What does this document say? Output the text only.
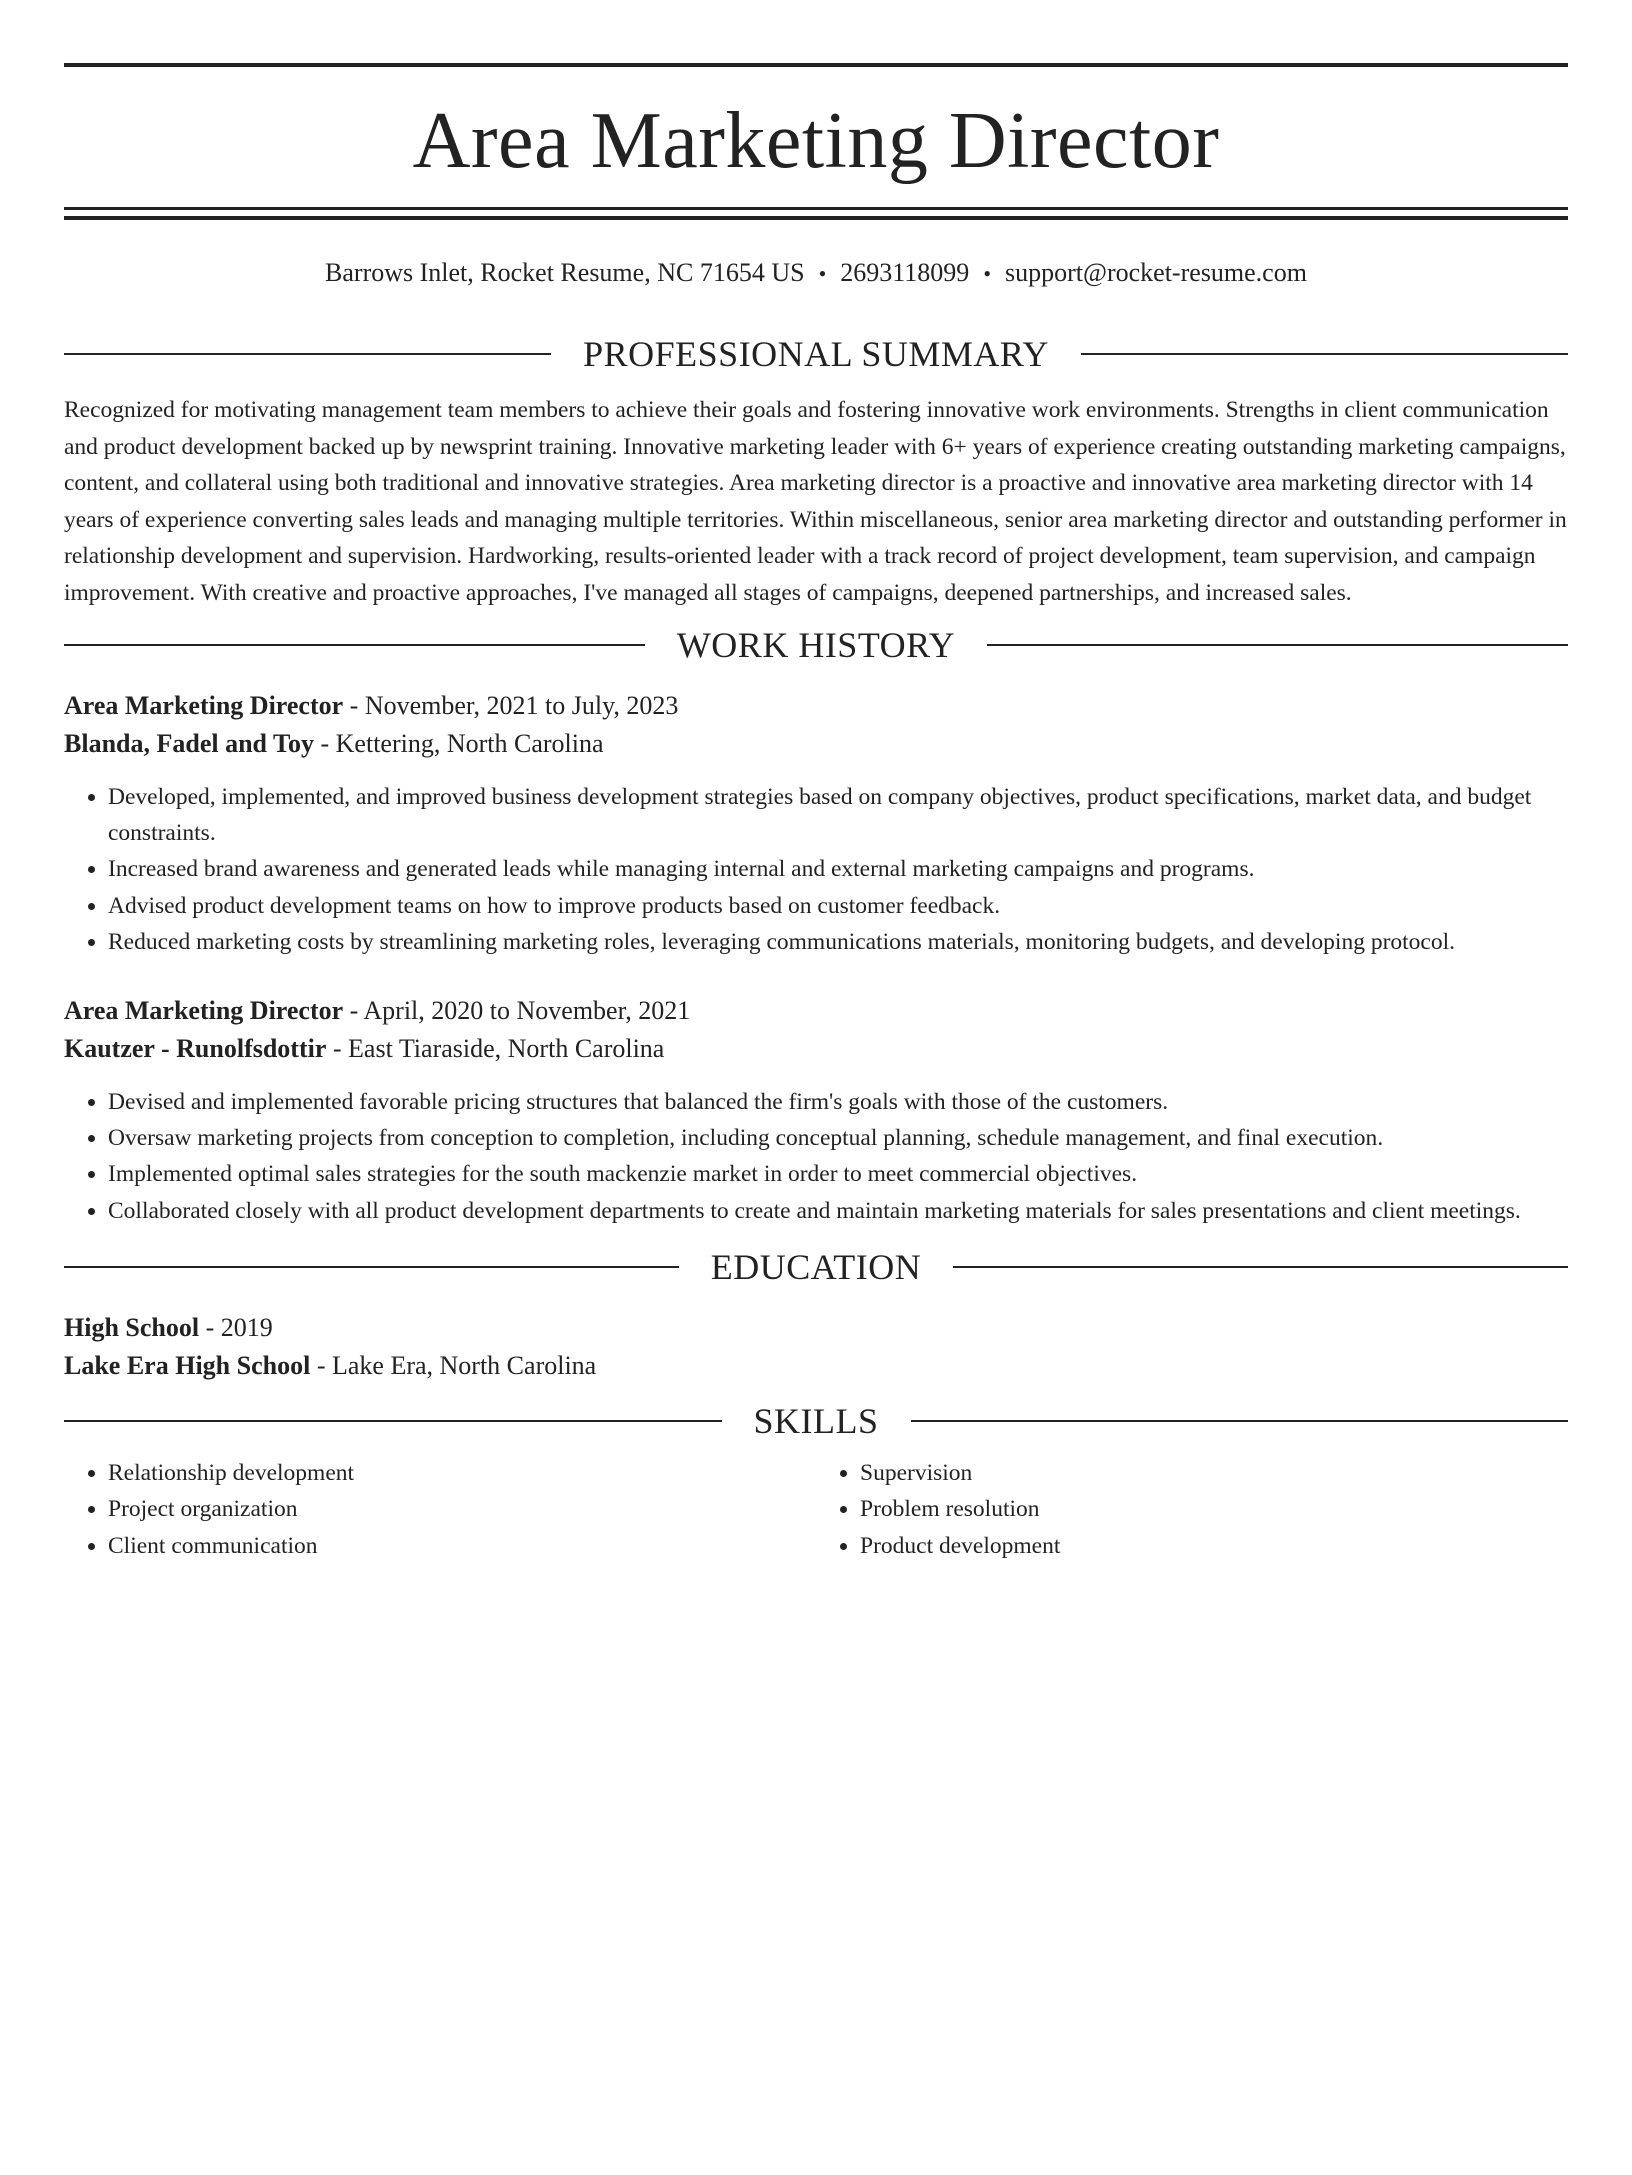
Area Marketing Director
Barrows Inlet, Rocket Resume, NC 71654 US • 2693118099 • support@rocket-resume.com
PROFESSIONAL SUMMARY

Recognized for motivating management team members to achieve their goals and fostering innovative work environments. Strengths in client communication and product development backed up by newsprint training. Innovative marketing leader with 6+ years of experience creating outstanding marketing campaigns, content, and collateral using both traditional and innovative strategies. Area marketing director is a proactive and innovative area marketing director with 14 years of experience converting sales leads and managing multiple territories. Within miscellaneous, senior area marketing director and outstanding performer in relationship development and supervision. Hardworking, results-oriented leader with a track record of project development, team supervision, and campaign improvement. With creative and proactive approaches, I've managed all stages of campaigns, deepened partnerships, and increased sales.

WORK HISTORY

Area Marketing Director - November, 2021 to July, 2023

Blanda, Fadel and Toy - Kettering, North Carolina

• Developed, implemented, and improved business development strategies based on company objectives, product specifications, market data, and budget constraints.
• Increased brand awareness and generated leads while managing internal and external marketing campaigns and programs.
• Advised product development teams on how to improve products based on customer feedback.
• Reduced marketing costs by streamlining marketing roles, leveraging communications materials, monitoring budgets, and developing protocol.

Area Marketing Director - April, 2020 to November, 2021

Kautzer - Runolfsdottir - East Tiaraside, North Carolina

• Devised and implemented favorable pricing structures that balanced the firm's goals with those of the customers.
• Oversaw marketing projects from conception to completion, including conceptual planning, schedule management, and final execution.
• Implemented optimal sales strategies for the south mackenzie market in order to meet commercial objectives.
• Collaborated closely with all product development departments to create and maintain marketing materials for sales presentations and client meetings.
EDUCATION

High School - 2019

Lake Era High School - Lake Era, North Carolina

SKILLS
• Relationship development
• Project organization
• Client communication
• Supervision
• Problem resolution
• Product development
